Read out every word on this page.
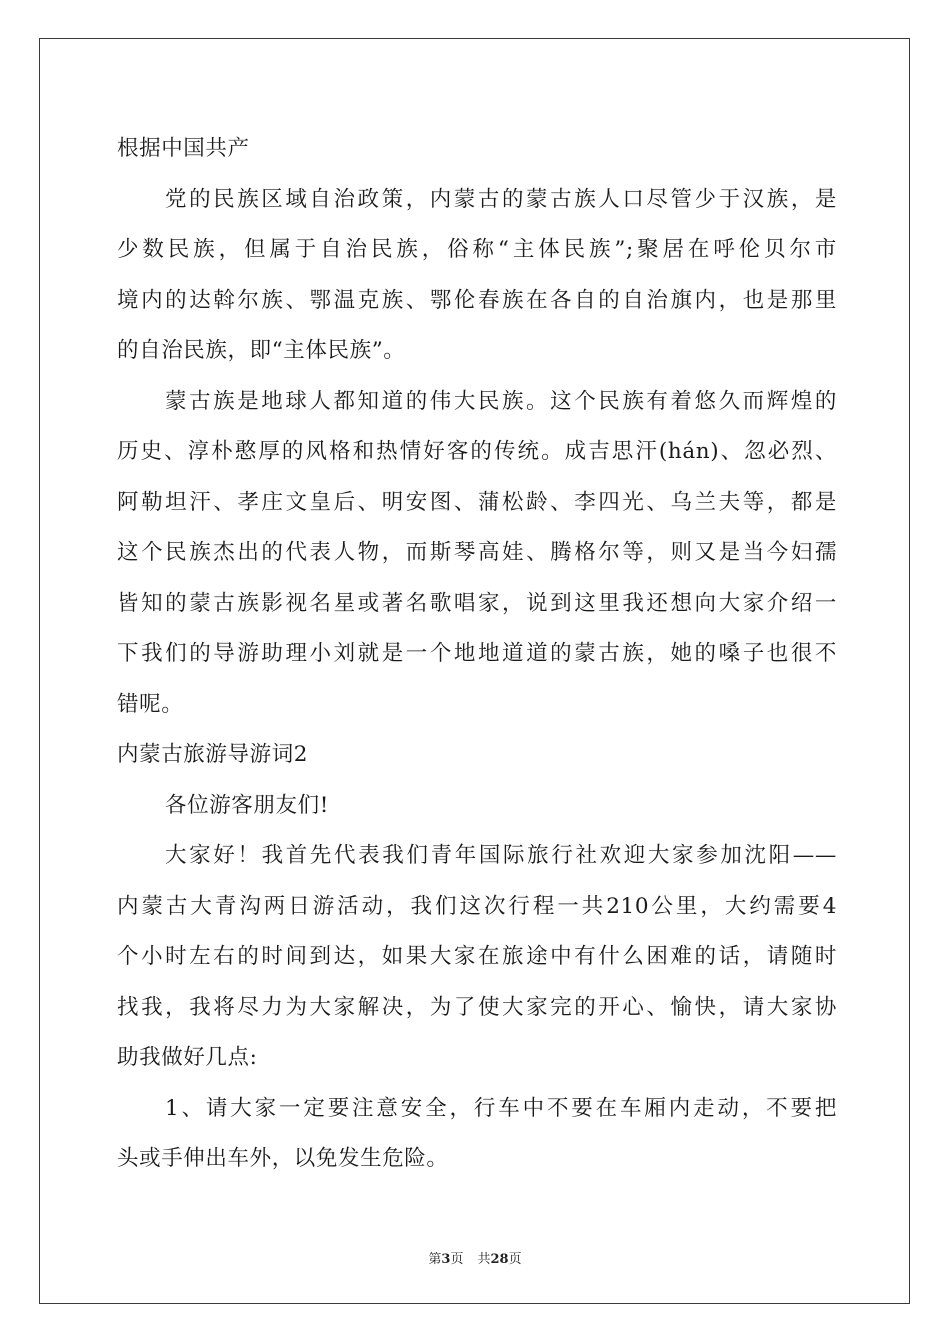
根据中国共产
党的民族区域自治政策，内蒙古的蒙古族人口尽管少于汉族，是
少数民族，但属于自治民族，俗称“主体民族”;聚居在呼伦贝尔市
境内的达斡尔族、鄂温克族、鄂伦春族在各自的自治旗内，也是那里
的自治民族，即“主体民族”。
蒙古族是地球人都知道的伟大民族。这个民族有着悠久而辉煌的
历史、淳朴憨厚的风格和热情好客的传统。成吉思汗(hán)、忽必烈、
阿勒坦汗、孝庄文皇后、明安图、蒲松龄、李四光、乌兰夫等，都是
这个民族杰出的代表人物，而斯琴高娃、腾格尔等，则又是当今妇孺
皆知的蒙古族影视名星或著名歌唱家，说到这里我还想向大家介绍一
下我们的导游助理小刘就是一个地地道道的蒙古族，她的嗓子也很不
错呢。
内蒙古旅游导游词2
各位游客朋友们!
大家好！我首先代表我们青年国际旅行社欢迎大家参加沈阳——
内蒙古大青沟两日游活动，我们这次行程一共210公里，大约需要4
个小时左右的时间到达，如果大家在旅途中有什么困难的话，请随时
找我，我将尽力为大家解决，为了使大家完的开心、愉快，请大家协
助我做好几点:
1、请大家一定要注意安全，行车中不要在车厢内走动，不要把
头或手伸出车外，以免发生危险。
第3页 共28页
